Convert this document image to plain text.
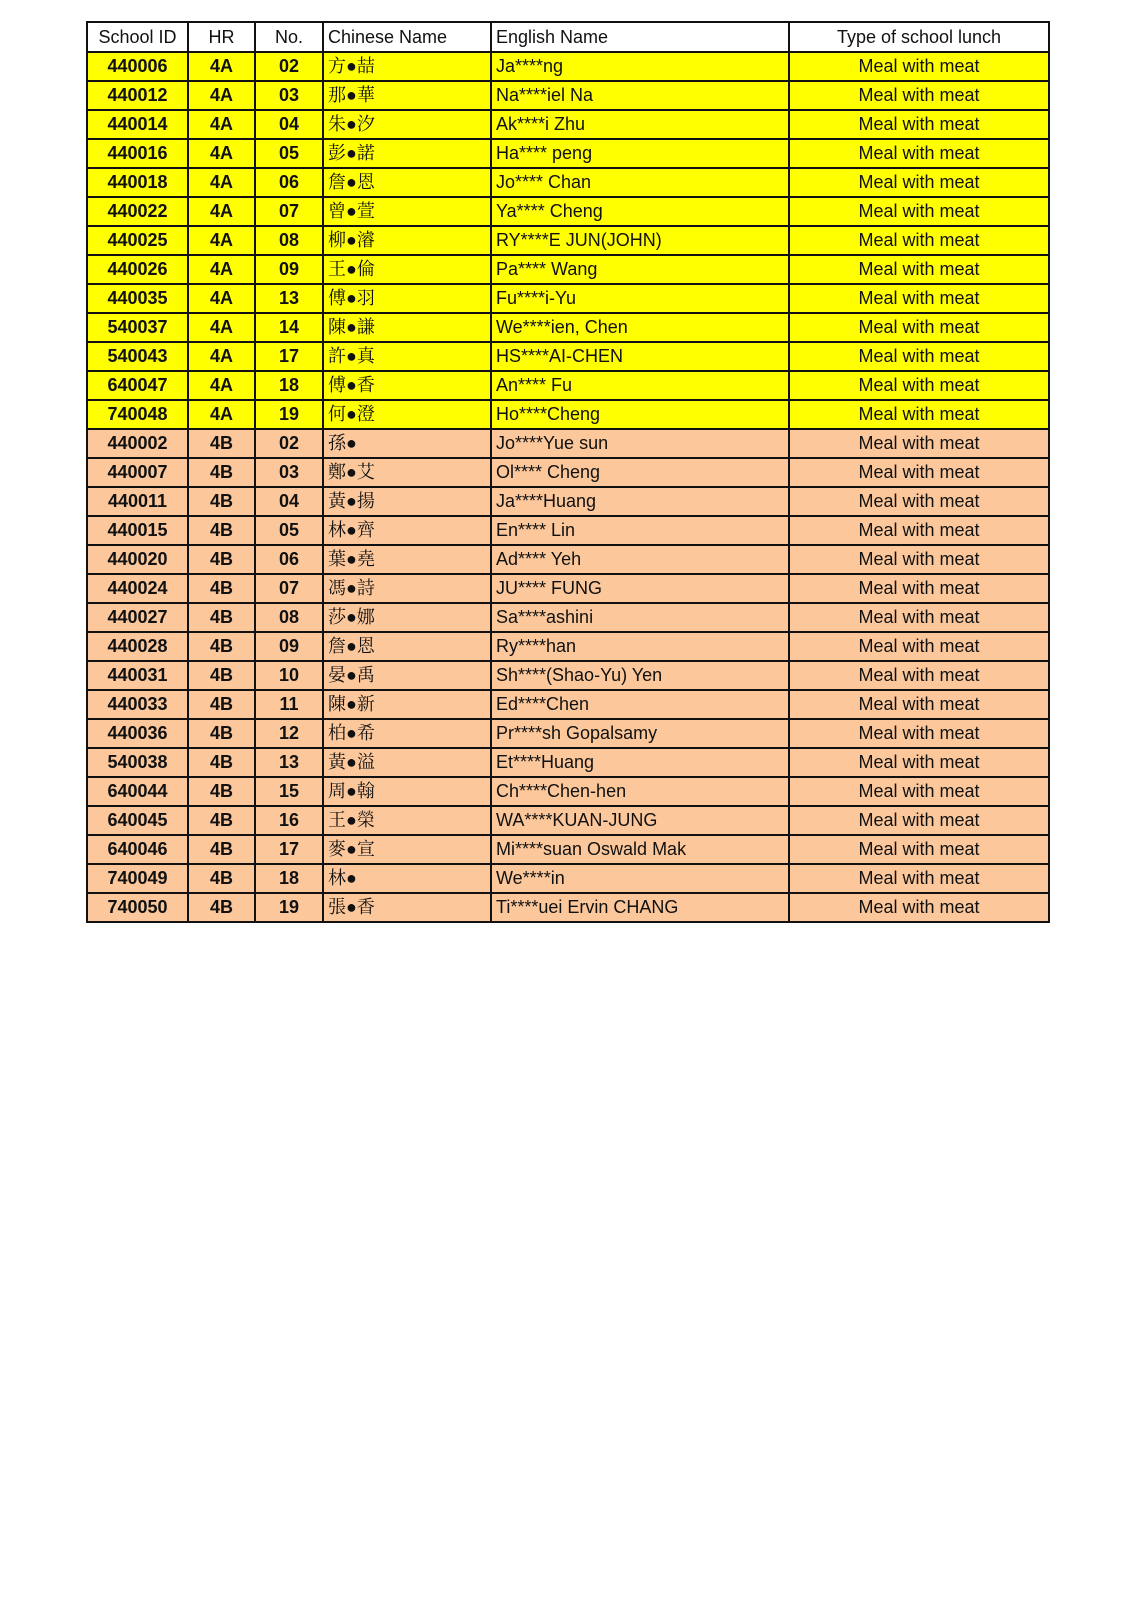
School ID	HR	No.	Chinese Name	English Name	Type of school lunch
440006	4A	02	方●喆	Ja****ng	Meal with meat
440012	4A	03	那●華	Na****iel Na	Meal with meat
440014	4A	04	朱●汐	Ak****i Zhu	Meal with meat
440016	4A	05	彭●諾	Ha**** peng	Meal with meat
440018	4A	06	詹●恩	Jo**** Chan	Meal with meat
440022	4A	07	曾●萱	Ya**** Cheng	Meal with meat
440025	4A	08	柳●濬	RY****E JUN(JOHN)	Meal with meat
440026	4A	09	王●倫	Pa**** Wang	Meal with meat
440035	4A	13	傅●羽	Fu****i-Yu	Meal with meat
540037	4A	14	陳●謙	We****ien, Chen	Meal with meat
540043	4A	17	許●真	HS****AI-CHEN	Meal with meat
640047	4A	18	傅●香	An**** Fu	Meal with meat
740048	4A	19	何●澄	Ho****Cheng	Meal with meat
440002	4B	02	孫●	Jo****Yue sun	Meal with meat
440007	4B	03	鄭●艾	Ol**** Cheng	Meal with meat
440011	4B	04	黃●揚	Ja****Huang	Meal with meat
440015	4B	05	林●齊	En**** Lin	Meal with meat
440020	4B	06	葉●堯	Ad**** Yeh	Meal with meat
440024	4B	07	馮●詩	JU**** FUNG	Meal with meat
440027	4B	08	莎●娜	Sa****ashini	Meal with meat
440028	4B	09	詹●恩	Ry****han	Meal with meat
440031	4B	10	晏●禹	Sh****(Shao-Yu) Yen	Meal with meat
440033	4B	11	陳●新	Ed****Chen	Meal with meat
440036	4B	12	柏●希	Pr****sh Gopalsamy	Meal with meat
540038	4B	13	黃●溢	Et****Huang	Meal with meat
640044	4B	15	周●翰	Ch****Chen-hen	Meal with meat
640045	4B	16	王●榮	WA****KUAN-JUNG	Meal with meat
640046	4B	17	麥●宣	Mi****suan Oswald Mak	Meal with meat
740049	4B	18	林●	We****in	Meal with meat
740050	4B	19	張●香	Ti****uei Ervin CHANG	Meal with meat
